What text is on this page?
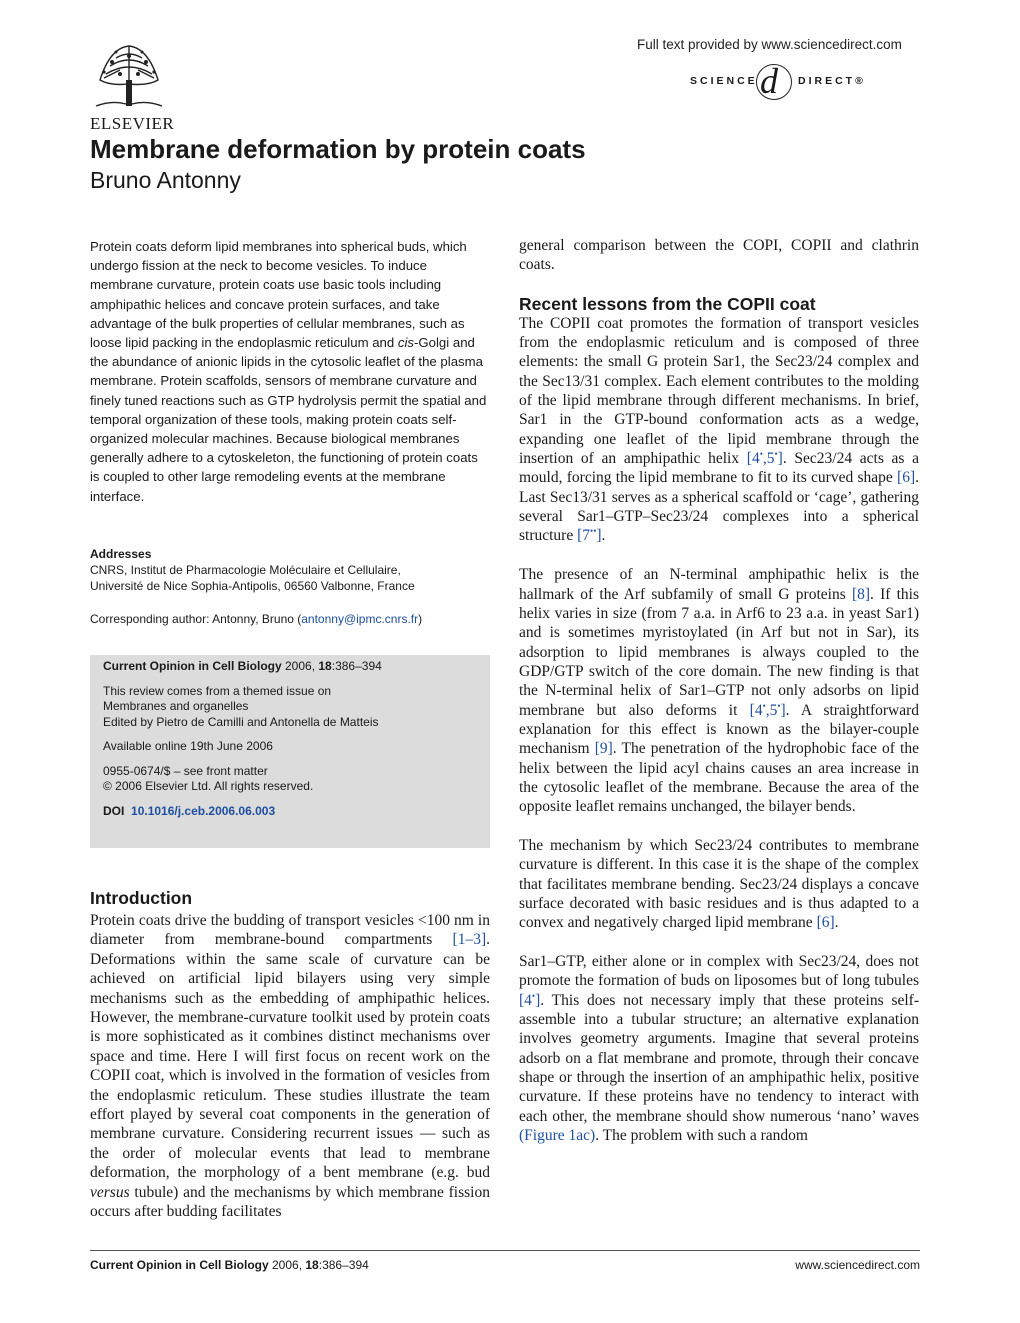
ELSEVIER
Full text provided by www.sciencedirect.com
SCIENCE d DIRECT®
Membrane deformation by protein coats

Bruno Antonny

Protein coats deform lipid membranes into spherical buds, which undergo fission at the neck to become vesicles. To induce membrane curvature, protein coats use basic tools including amphipathic helices and concave protein surfaces, and take advantage of the bulk properties of cellular membranes, such as loose lipid packing in the endoplasmic reticulum and cis-Golgi and the abundance of anionic lipids in the cytosolic leaflet of the plasma membrane. Protein scaffolds, sensors of membrane curvature and finely tuned reactions such as GTP hydrolysis permit the spatial and temporal organization of these tools, making protein coats self-organized molecular machines. Because biological membranes generally adhere to a cytoskeleton, the functioning of protein coats is coupled to other large remodeling events at the membrane interface.
Addresses
CNRS, Institut de Pharmacologie Moléculaire et Cellulaire,
Université de Nice Sophia-Antipolis, 06560 Valbonne, France
Corresponding author: Antonny, Bruno (antonny@ipmc.cnrs.fr)

Current Opinion in Cell Biology 2006, 18:386–394

This review comes from a themed issue on
Membranes and organelles
Edited by Pietro de Camilli and Antonella de Matteis

Available online 19th June 2006

0955-0674/$ – see front matter
© 2006 Elsevier Ltd. All rights reserved.

DOI 10.1016/j.ceb.2006.06.003

Introduction
Protein coats drive the budding of transport vesicles <100 nm in diameter from membrane-bound compartments [1–3]. Deformations within the same scale of curvature can be achieved on artificial lipid bilayers using very simple mechanisms such as the embedding of amphipathic helices. However, the membrane-curvature toolkit used by protein coats is more sophisticated as it combines distinct mechanisms over space and time. Here I will first focus on recent work on the COPII coat, which is involved in the formation of vesicles from the endoplasmic reticulum. These studies illustrate the team effort played by several coat components in the generation of membrane curvature. Considering recurrent issues — such as the order of molecular events that lead to membrane deformation, the morphology of a bent membrane (e.g. bud versus tubule) and the mechanisms by which membrane fission occurs after budding facilitates

general comparison between the COPI, COPII and clathrin coats.

Recent lessons from the COPII coat

The COPII coat promotes the formation of transport vesicles from the endoplasmic reticulum and is composed of three elements: the small G protein Sar1, the Sec23/24 complex and the Sec13/31 complex. Each element contributes to the molding of the lipid membrane through different mechanisms. In brief, Sar1 in the GTP-bound conformation acts as a wedge, expanding one leaflet of the lipid membrane through the insertion of an amphipathic helix [4•,5•]. Sec23/24 acts as a mould, forcing the lipid membrane to fit to its curved shape [6]. Last Sec13/31 serves as a spherical scaffold or ‘cage’, gathering several Sar1–GTP–Sec23/24 complexes into a spherical structure [7••].

The presence of an N-terminal amphipathic helix is the hallmark of the Arf subfamily of small G proteins [8]. If this helix varies in size (from 7 a.a. in Arf6 to 23 a.a. in yeast Sar1) and is sometimes myristoylated (in Arf but not in Sar), its adsorption to lipid membranes is always coupled to the GDP/GTP switch of the core domain. The new finding is that the N-terminal helix of Sar1–GTP not only adsorbs on lipid membrane but also deforms it [4•,5•]. A straightforward explanation for this effect is known as the bilayer-couple mechanism [9]. The penetration of the hydrophobic face of the helix between the lipid acyl chains causes an area increase in the cytosolic leaflet of the membrane. Because the area of the opposite leaflet remains unchanged, the bilayer bends.

The mechanism by which Sec23/24 contributes to membrane curvature is different. In this case it is the shape of the complex that facilitates membrane bending. Sec23/24 displays a concave surface decorated with basic residues and is thus adapted to a convex and negatively charged lipid membrane [6].

Sar1–GTP, either alone or in complex with Sec23/24, does not promote the formation of buds on liposomes but of long tubules [4•]. This does not necessary imply that these proteins self-assemble into a tubular structure; an alternative explanation involves geometry arguments. Imagine that several proteins adsorb on a flat membrane and promote, through their concave shape or through the insertion of an amphipathic helix, positive curvature. If these proteins have no tendency to interact with each other, the membrane should show numerous ‘nano’ waves (Figure 1ac). The problem with such a random

Current Opinion in Cell Biology 2006, 18:386–394	www.sciencedirect.com
